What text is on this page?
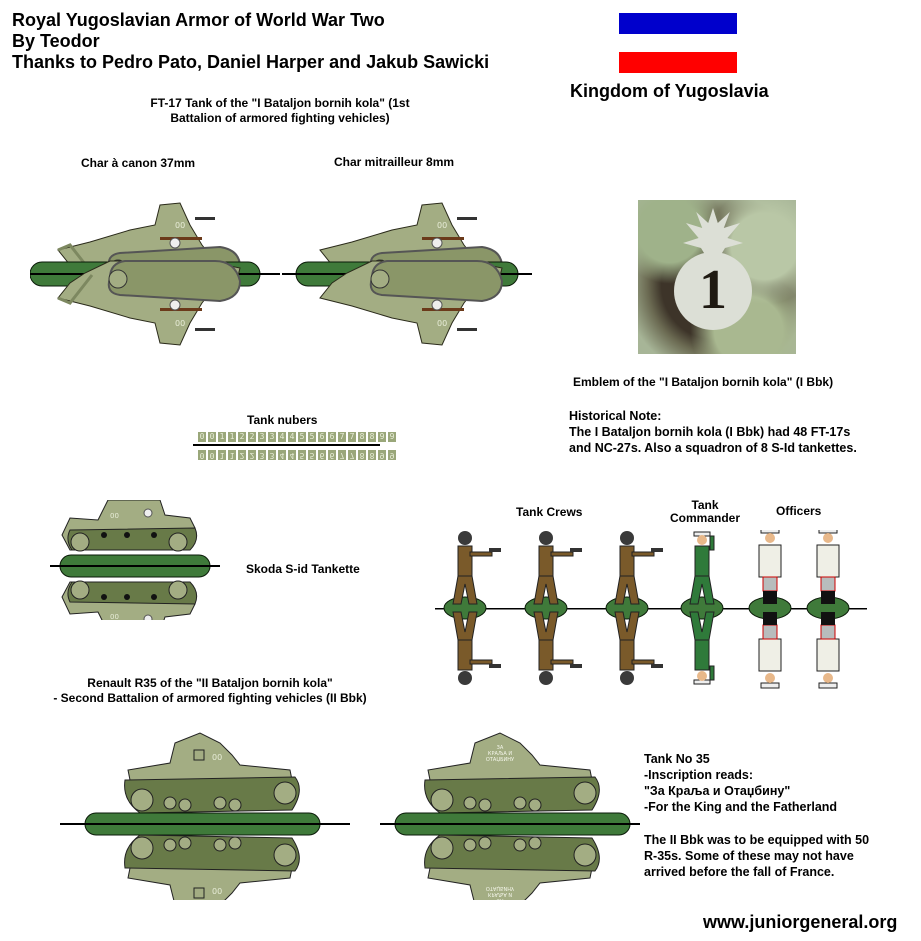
Royal Yugoslavian Armor of World War Two
By Teodor
Thanks to Pedro Pato, Daniel Harper and Jakub Sawicki
Kingdom of Yugoslavia
FT-17 Tank of the "I Bataljon bornih kola" (1st
Battalion of armored fighting vehicles)
Char à canon 37mm	Char mitrailleur 8mm
00	00
Tank nubers
0 0 1 1 2 2 3 3 4 4 5 5 6 6 7 7 8 8 9 9
0 0 1 1 2 2 3 3 4 4 5 5 6 6 7 7 8 8 9 9
1
Emblem of the "I Bataljon bornih kola" (I Bbk)
Historical Note:
The I Bataljon bornih kola (I Bbk) had 48 FT-17s
and NC-27s. Also a squadron of 8 S-Id tankettes.
00
Skoda S-id Tankette
Tank Crews	Tank
Commander	Officers
Renault R35 of the "II Bataljon bornih kola"
- Second Battalion of armored fighting vehicles (II Bbk)
00
ЗА
КРАЉА И
ОТАЏБИНУ	Tank No 35
-Inscription reads:
"За Краља и Отаџбину"
-For the King and the Fatherland
The II Bbk was to be equipped with 50
R-35s. Some of these may not have
arrived before the fall of France.
www.juniorgeneral.org
